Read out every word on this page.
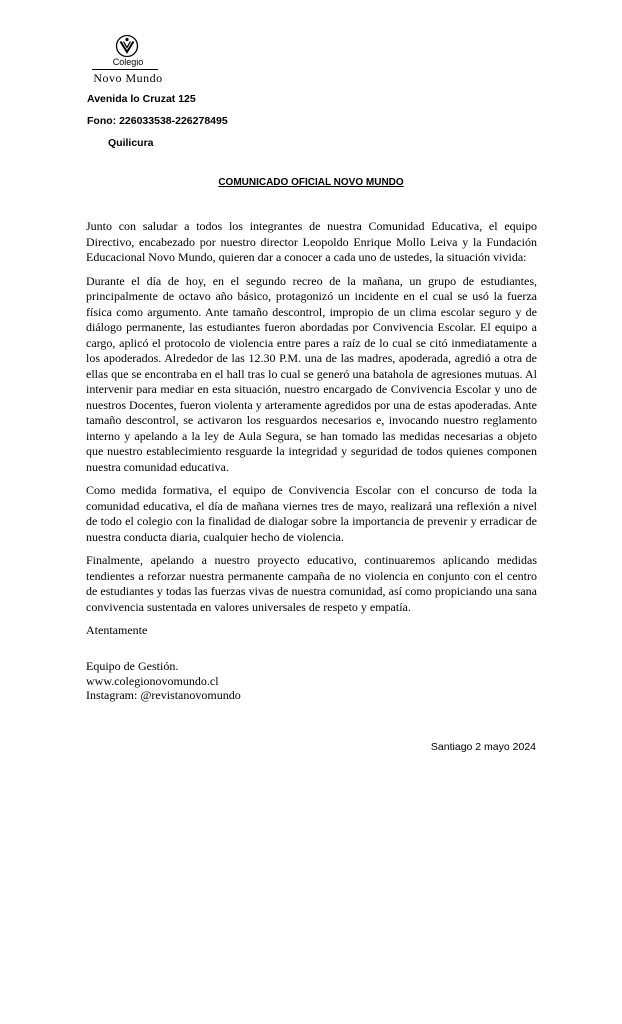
Colegio
Novo Mundo
Avenida lo Cruzat 125
Fono: 226033538-226278495
Quilicura
COMUNICADO OFICIAL NOVO MUNDO

Junto con saludar a todos los integrantes de nuestra Comunidad Educativa, el equipo Directivo, encabezado por nuestro director Leopoldo Enrique Mollo Leiva y la Fundación Educacional Novo Mundo, quieren dar a conocer a cada uno de ustedes, la situación vivida:

Durante el día de hoy, en el segundo recreo de la mañana, un grupo de estudiantes, principalmente de octavo año básico, protagonizó un incidente en el cual se usó la fuerza física como argumento. Ante tamaño descontrol, impropio de un clima escolar seguro y de diálogo permanente, las estudiantes fueron abordadas por Convivencia Escolar. El equipo a cargo, aplicó el protocolo de violencia entre pares a raíz de lo cual se citó inmediatamente a los apoderados. Alrededor de las 12.30 P.M. una de las madres, apoderada, agredió a otra de ellas que se encontraba en el hall tras lo cual se generó una batahola de agresiones mutuas. Al intervenir para mediar en esta situación, nuestro encargado de Convivencia Escolar y uno de nuestros Docentes, fueron violenta y arteramente agredidos por una de estas apoderadas. Ante tamaño descontrol, se activaron los resguardos necesarios e, invocando nuestro reglamento interno y apelando a la ley de Aula Segura, se han tomado las medidas necesarias a objeto que nuestro establecimiento resguarde la integridad y seguridad de todos quienes componen nuestra comunidad educativa.

Como medida formativa, el equipo de Convivencia Escolar con el concurso de toda la comunidad educativa, el día de mañana viernes tres de mayo, realizará una reflexión a nivel de todo el colegio con la finalidad de dialogar sobre la importancia de prevenir y erradicar de nuestra conducta diaria, cualquier hecho de violencia.

Finalmente, apelando a nuestro proyecto educativo, continuaremos aplicando medidas tendientes a reforzar nuestra permanente campaña de no violencia en conjunto con el centro de estudiantes y todas las fuerzas vivas de nuestra comunidad, así como propiciando una sana convivencia sustentada en valores universales de respeto y empatía.

Atentamente

Equipo de Gestión.
www.colegionovomundo.cl
Instagram: @revistanovomundo
Santiago 2 mayo 2024
